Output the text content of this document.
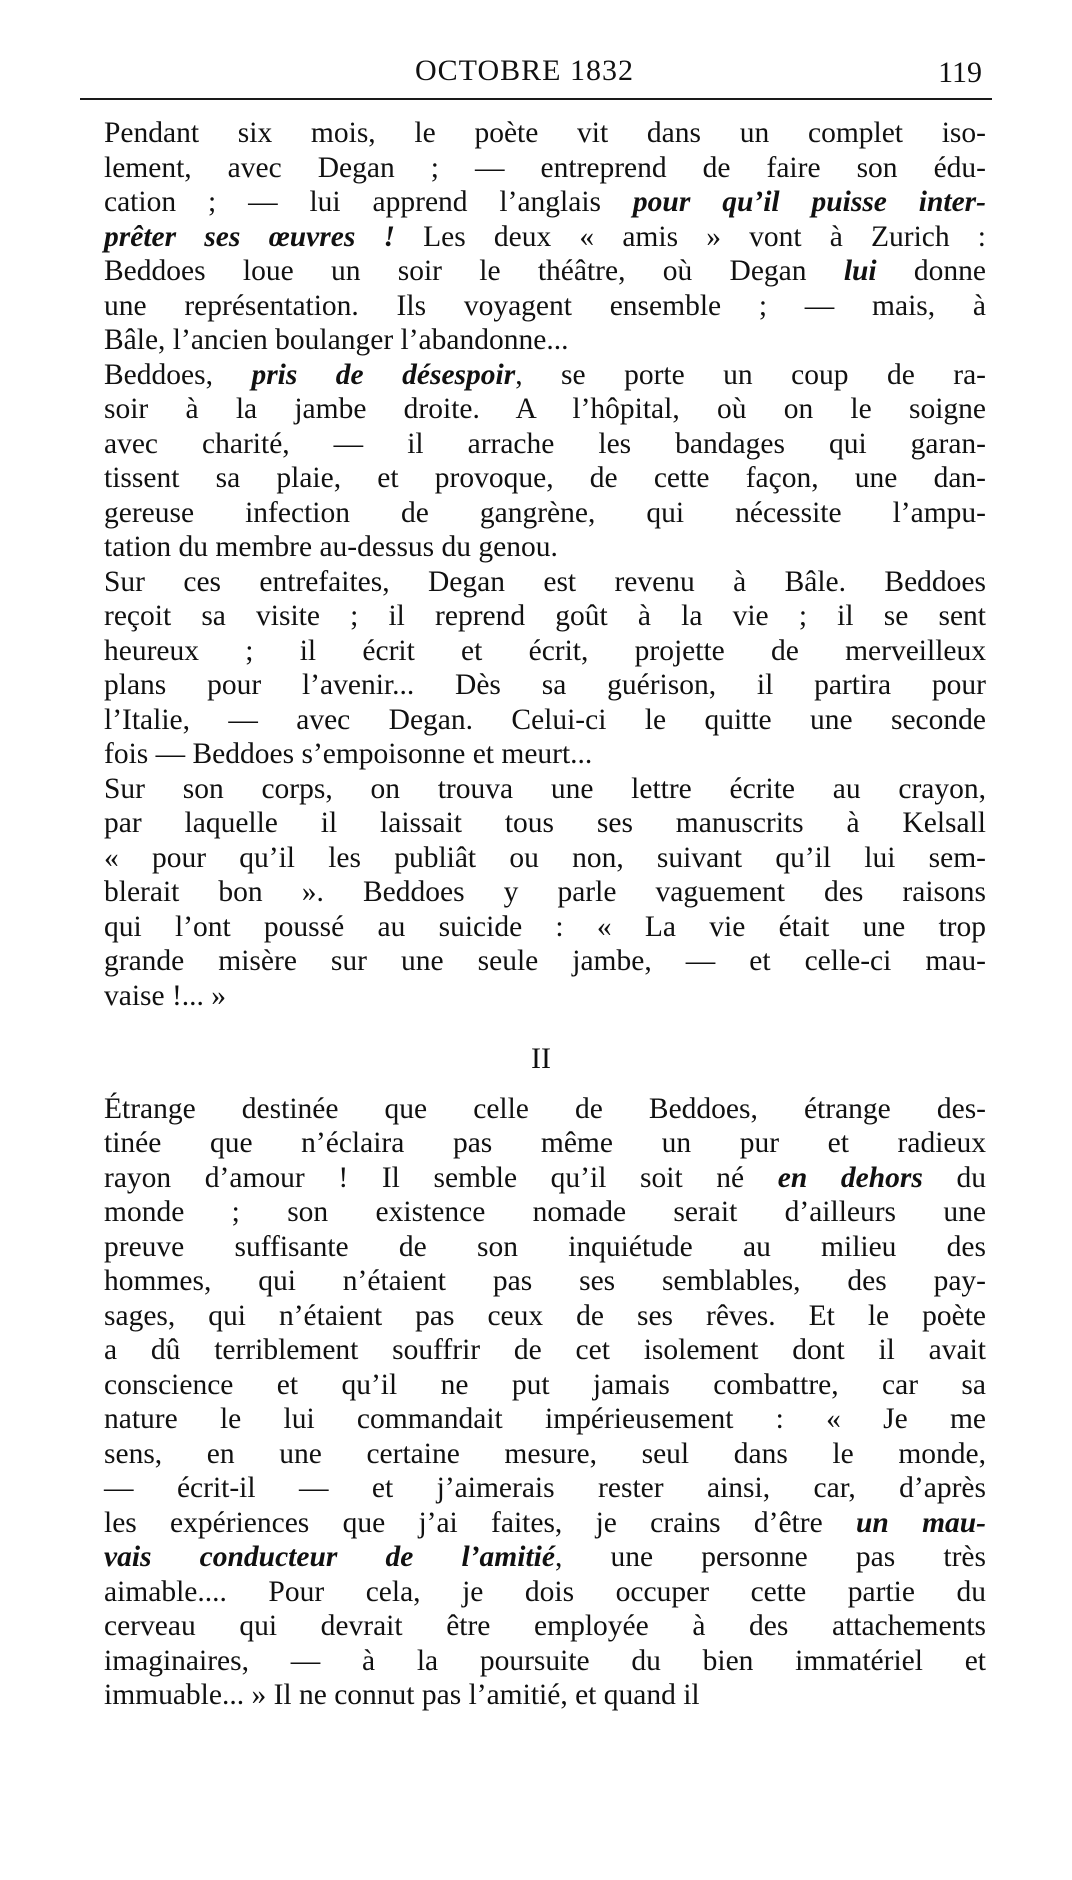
OCTOBRE 1832	119

Pendant six mois, le poète vit dans un complet iso-
lement, avec Degan ; — entreprend de faire son édu-
cation ; — lui apprend l’anglais pour qu’il puisse inter-
prêter ses œuvres ! Les deux « amis » vont à Zurich :
Beddoes loue un soir le théâtre, où Degan lui donne
une représentation. Ils voyagent ensemble ; — mais, à
Bâle, l’ancien boulanger l’abandonne...

Beddoes, pris de désespoir, se porte un coup de ra-
soir à la jambe droite. A l’hôpital, où on le soigne
avec charité, — il arrache les bandages qui garan-
tissent sa plaie, et provoque, de cette façon, une dan-
gereuse infection de gangrène, qui nécessite l’ampu-
tation du membre au-dessus du genou.

Sur ces entrefaites, Degan est revenu à Bâle. Beddoes
reçoit sa visite ; il reprend goût à la vie ; il se sent
heureux ; il écrit et écrit, projette de merveilleux
plans pour l’avenir... Dès sa guérison, il partira pour
l’Italie, — avec Degan. Celui-ci le quitte une seconde
fois — Beddoes s’empoisonne et meurt...

Sur son corps, on trouva une lettre écrite au crayon,
par laquelle il laissait tous ses manuscrits à Kelsall
« pour qu’il les publiât ou non, suivant qu’il lui sem-
blerait bon ». Beddoes y parle vaguement des raisons
qui l’ont poussé au suicide : « La vie était une trop
grande misère sur une seule jambe, — et celle-ci mau-
vaise !... »

II

Étrange destinée que celle de Beddoes, étrange des-
tinée que n’éclaira pas même un pur et radieux
rayon d’amour ! Il semble qu’il soit né en dehors du
monde ; son existence nomade serait d’ailleurs une
preuve suffisante de son inquiétude au milieu des
hommes, qui n’étaient pas ses semblables, des pay-
sages, qui n’étaient pas ceux de ses rêves. Et le poète
a dû terriblement souffrir de cet isolement dont il avait
conscience et qu’il ne put jamais combattre, car sa
nature le lui commandait impérieusement : « Je me
sens, en une certaine mesure, seul dans le monde,
— écrit-il — et j’aimerais rester ainsi, car, d’après
les expériences que j’ai faites, je crains d’être un mau-
vais conducteur de l’amitié, une personne pas très
aimable.... Pour cela, je dois occuper cette partie du
cerveau qui devrait être employée à des attachements
imaginaires, — à la poursuite du bien immatériel et
immuable... » Il ne connut pas l’amitié, et quand il
